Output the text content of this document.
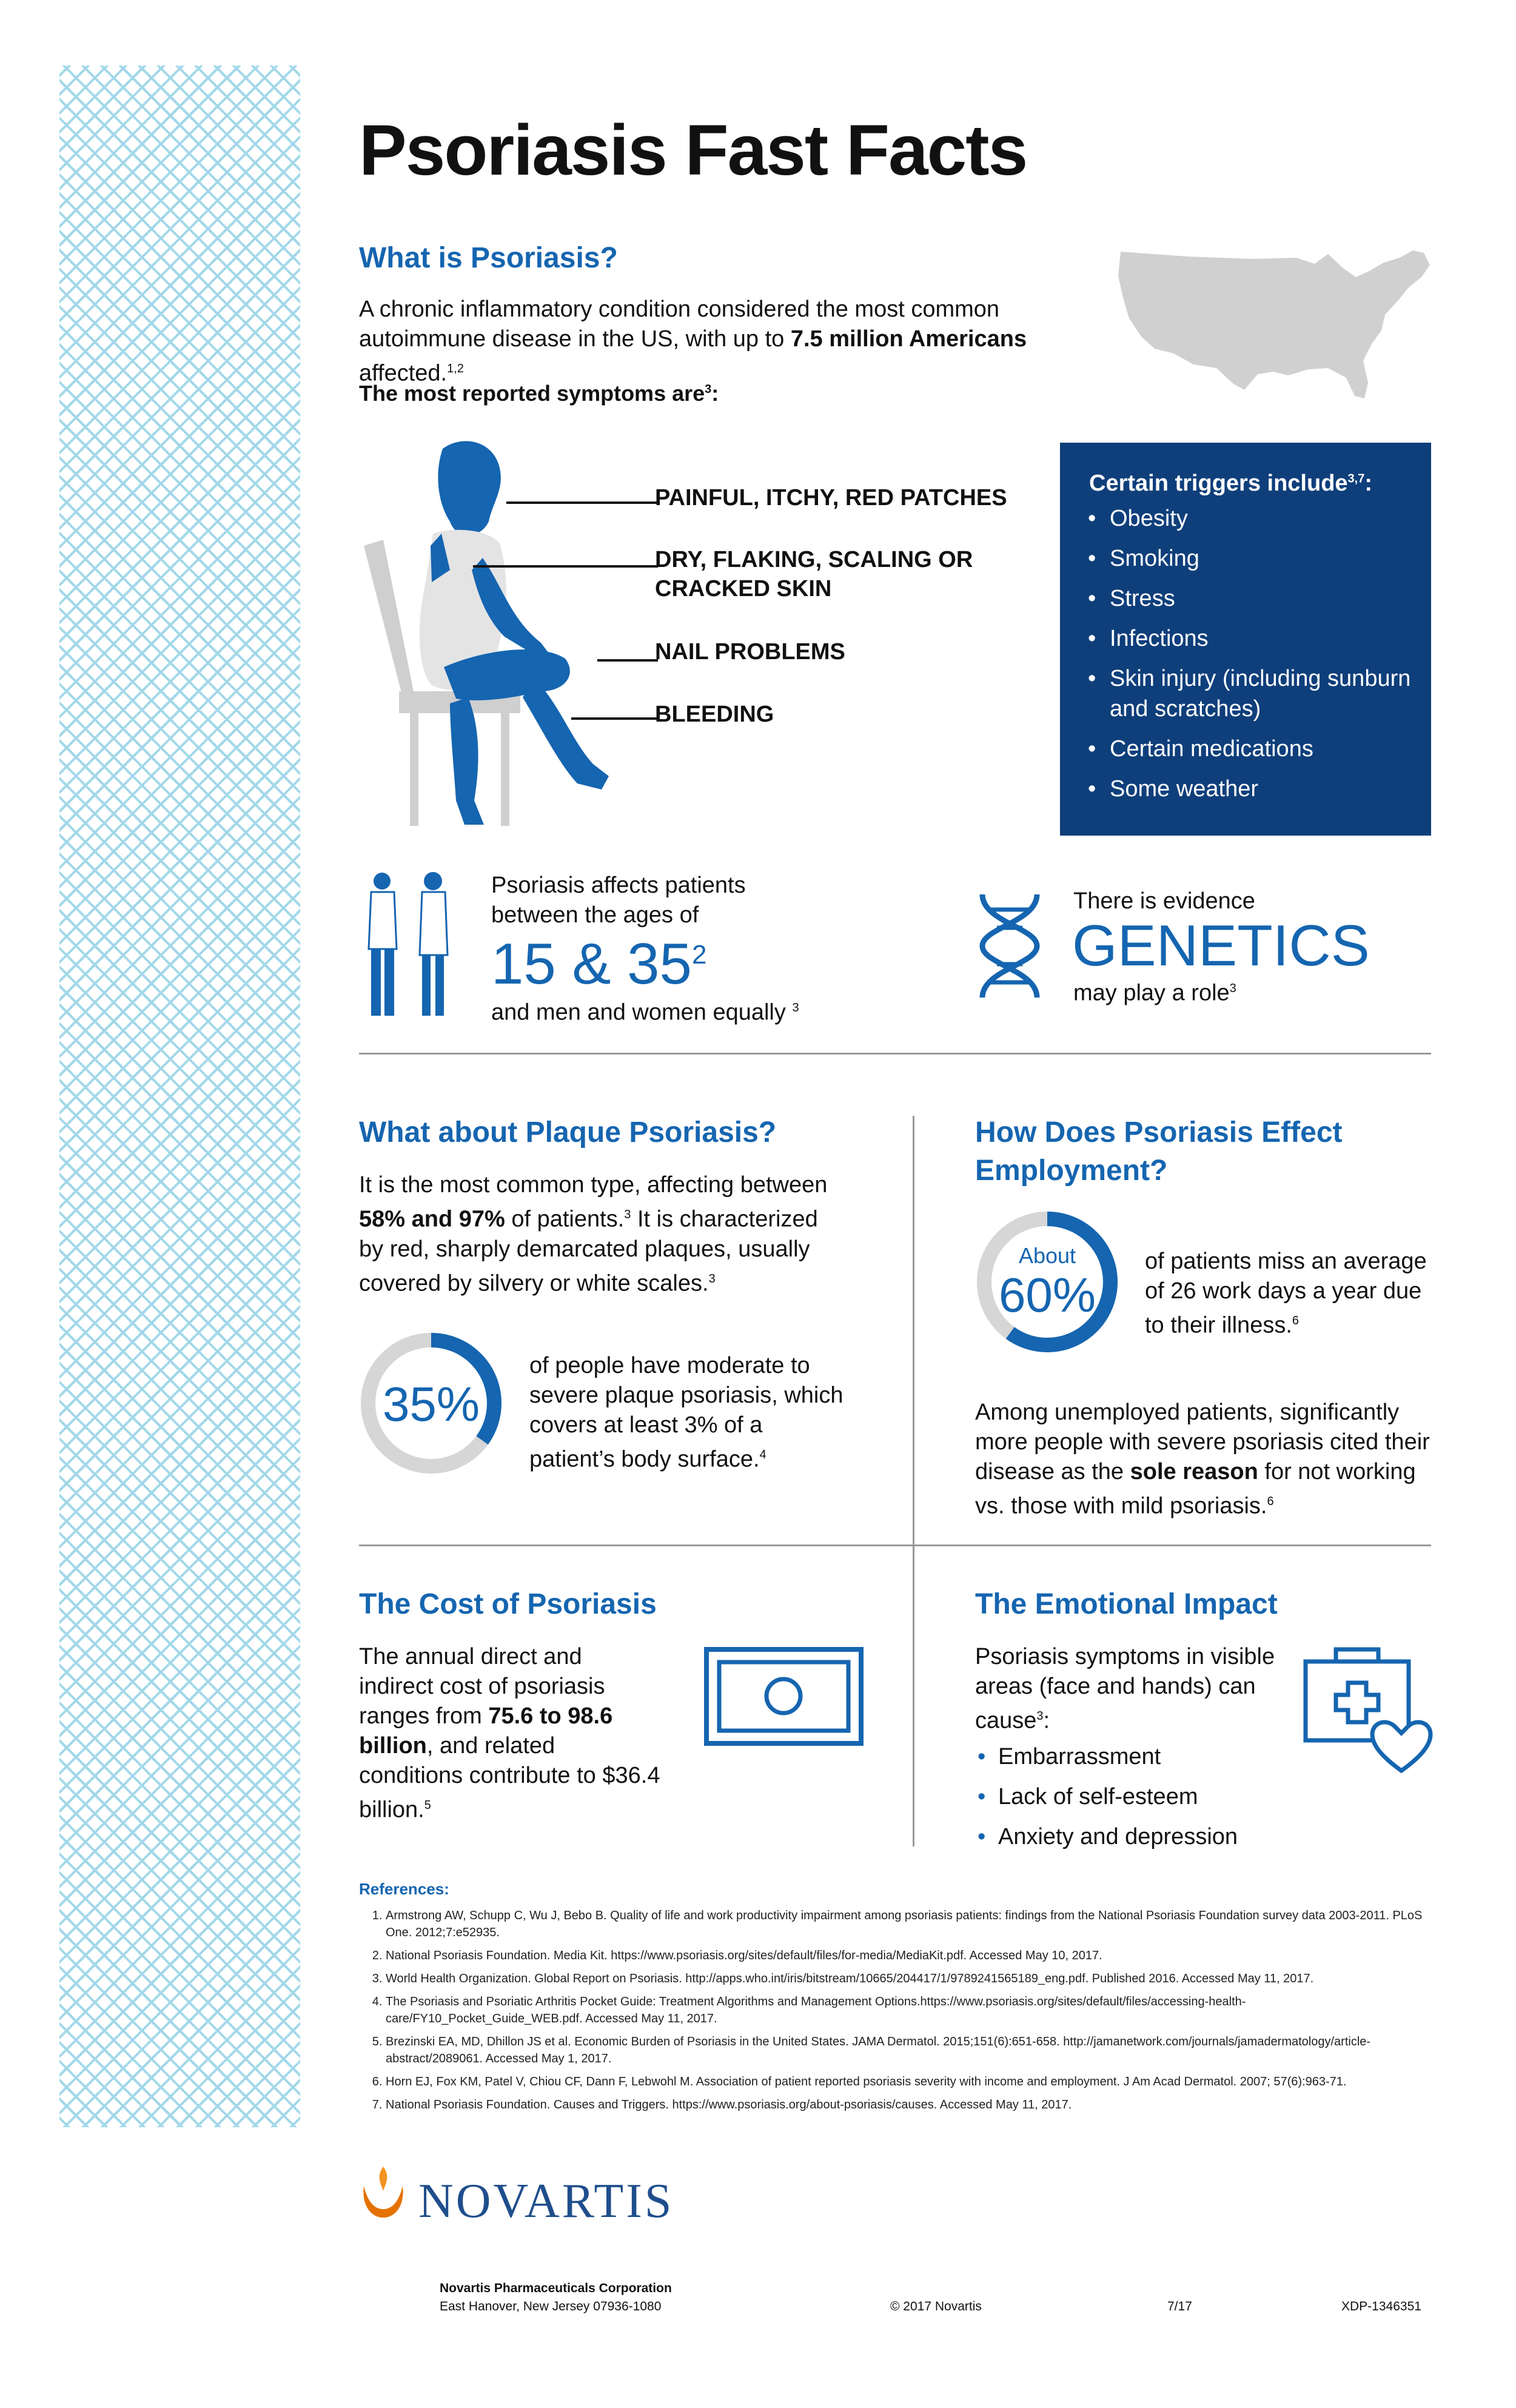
Psoriasis Fast Facts
What is Psoriasis?
A chronic inflammatory condition considered the most common autoimmune disease in the US, with up to 7.5 million Americans affected.$^{1,2}$
The most reported symptoms are$^3$:
PAINFUL, ITCHY, RED PATCHES
DRY, FLAKING, SCALING OR
CRACKED SKIN
NAIL PROBLEMS
BLEEDING
Certain triggers include$^{3,7}$:
• Obesity
• Smoking
• Stress
• Infections
• Skin injury (including sunburn and scratches)
• Certain medications
• Some weather
Psoriasis affects patients
between the ages of
15 & $35^2$
and men and women equally $^3$
There is evidence
GENETICS
may play a role$^3$
What about Plaque Psoriasis?
It is the most common type, affecting between 58% and 97% of patients.$^3$ It is characterized by red, sharply demarcated plaques, usually covered by silvery or white scales.$^3$
35%
of people have moderate to severe plaque psoriasis, which covers at least 3% of a patient’s body surface.$^4$
How Does Psoriasis Effect
Employment?
About
60%
of patients miss an average of 26 work days a year due to their illness.$^6$
Among unemployed patients, significantly more people with severe psoriasis cited their disease as the sole reason for not working vs. those with mild psoriasis.$^6$
The Cost of Psoriasis
The annual direct and indirect cost of psoriasis ranges from 75.6 to 98.6 billion, and related conditions contribute to $36.4 billion.$^5$
The Emotional Impact
Psoriasis symptoms in visible areas (face and hands) can cause$^3$:
• Embarrassment
• Lack of self-esteem
• Anxiety and depression
References:
1. Armstrong AW, Schupp C, Wu J, Bebo B. Quality of life and work productivity impairment among psoriasis patients: findings from the National Psoriasis Foundation survey data 2003-2011. PLoS One. 2012;7:e52935.
2. National Psoriasis Foundation. Media Kit. https://www.psoriasis.org/sites/default/files/for-media/MediaKit.pdf. Accessed May 10, 2017.
3. World Health Organization. Global Report on Psoriasis. http://apps.who.int/iris/bitstream/10665/204417/1/9789241565189_eng.pdf. Published 2016. Accessed May 11, 2017.
4. The Psoriasis and Psoriatic Arthritis Pocket Guide: Treatment Algorithms and Management Options.https://www.psoriasis.org/sites/default/files/accessing-health-care/FY10_Pocket_Guide_WEB.pdf. Accessed May 11, 2017.
5. Brezinski EA, MD, Dhillon JS et al. Economic Burden of Psoriasis in the United States. JAMA Dermatol. 2015;151(6):651-658. http://jamanetwork.com/journals/jamadermatology/article-abstract/2089061. Accessed May 1, 2017.
6. Horn EJ, Fox KM, Patel V, Chiou CF, Dann F, Lebwohl M. Association of patient reported psoriasis severity with income and employment. J Am Acad Dermatol. 2007; 57(6):963-71.
7. National Psoriasis Foundation. Causes and Triggers. https://www.psoriasis.org/about-psoriasis/causes. Accessed May 11, 2017.
NOVARTIS
Novartis Pharmaceuticals Corporation
East Hanover, New Jersey 07936-1080	© 2017 Novartis	7/17	XDP-1346351
